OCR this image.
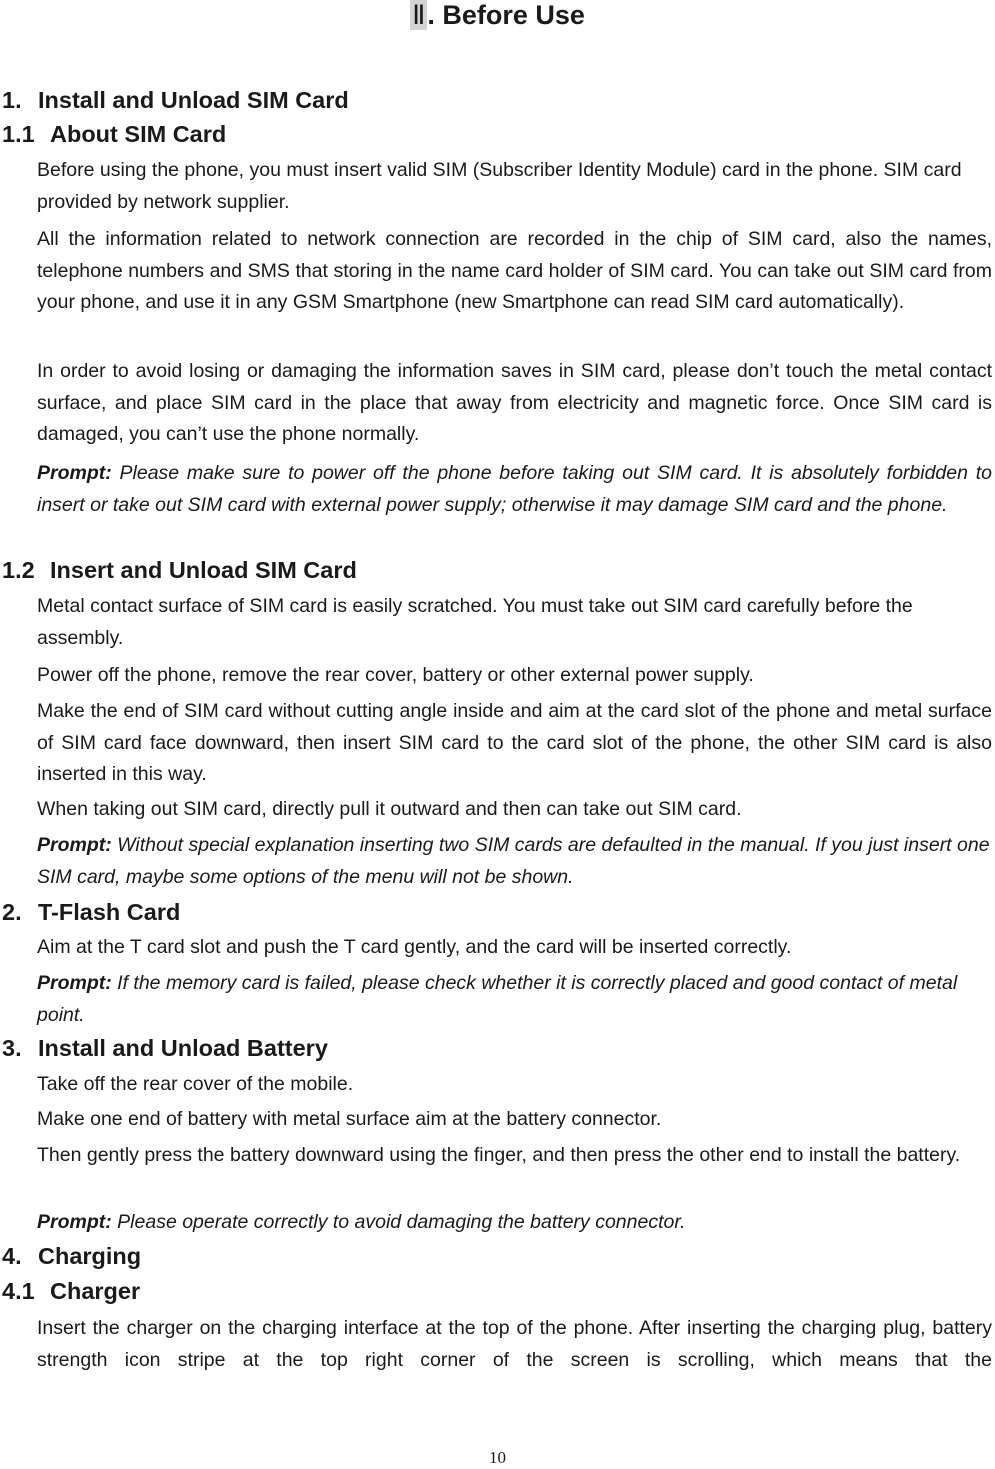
Ⅱ. Before Use
1. Install and Unload SIM Card
1.1 About SIM Card
Before using the phone, you must insert valid SIM (Subscriber Identity Module) card in the phone. SIM card provided by network supplier.
All the information related to network connection are recorded in the chip of SIM card, also the names, telephone numbers and SMS that storing in the name card holder of SIM card. You can take out SIM card from your phone, and use it in any GSM Smartphone (new Smartphone can read SIM card automatically).
In order to avoid losing or damaging the information saves in SIM card, please don’t touch the metal contact surface, and place SIM card in the place that away from electricity and magnetic force. Once SIM card is damaged, you can’t use the phone normally.
Prompt: Please make sure to power off the phone before taking out SIM card. It is absolutely forbidden to insert or take out SIM card with external power supply; otherwise it may damage SIM card and the phone.
1.2 Insert and Unload SIM Card
Metal contact surface of SIM card is easily scratched. You must take out SIM card carefully before the assembly.
Power off the phone, remove the rear cover, battery or other external power supply.
Make the end of SIM card without cutting angle inside and aim at the card slot of the phone and metal surface of SIM card face downward, then insert SIM card to the card slot of the phone, the other SIM card is also inserted in this way.
When taking out SIM card, directly pull it outward and then can take out SIM card.
Prompt: Without special explanation inserting two SIM cards are defaulted in the manual. If you just insert one SIM card, maybe some options of the menu will not be shown.
2. T-Flash Card
Aim at the T card slot and push the T card gently, and the card will be inserted correctly.
Prompt: If the memory card is failed, please check whether it is correctly placed and good contact of metal point.
3. Install and Unload Battery
Take off the rear cover of the mobile.
Make one end of battery with metal surface aim at the battery connector.
Then gently press the battery downward using the finger, and then press the other end to install the battery.
Prompt: Please operate correctly to avoid damaging the battery connector.
4. Charging
4.1 Charger
Insert the charger on the charging interface at the top of the phone. After inserting the charging plug, battery strength icon stripe at the top right corner of the screen is scrolling, which means that the
10
